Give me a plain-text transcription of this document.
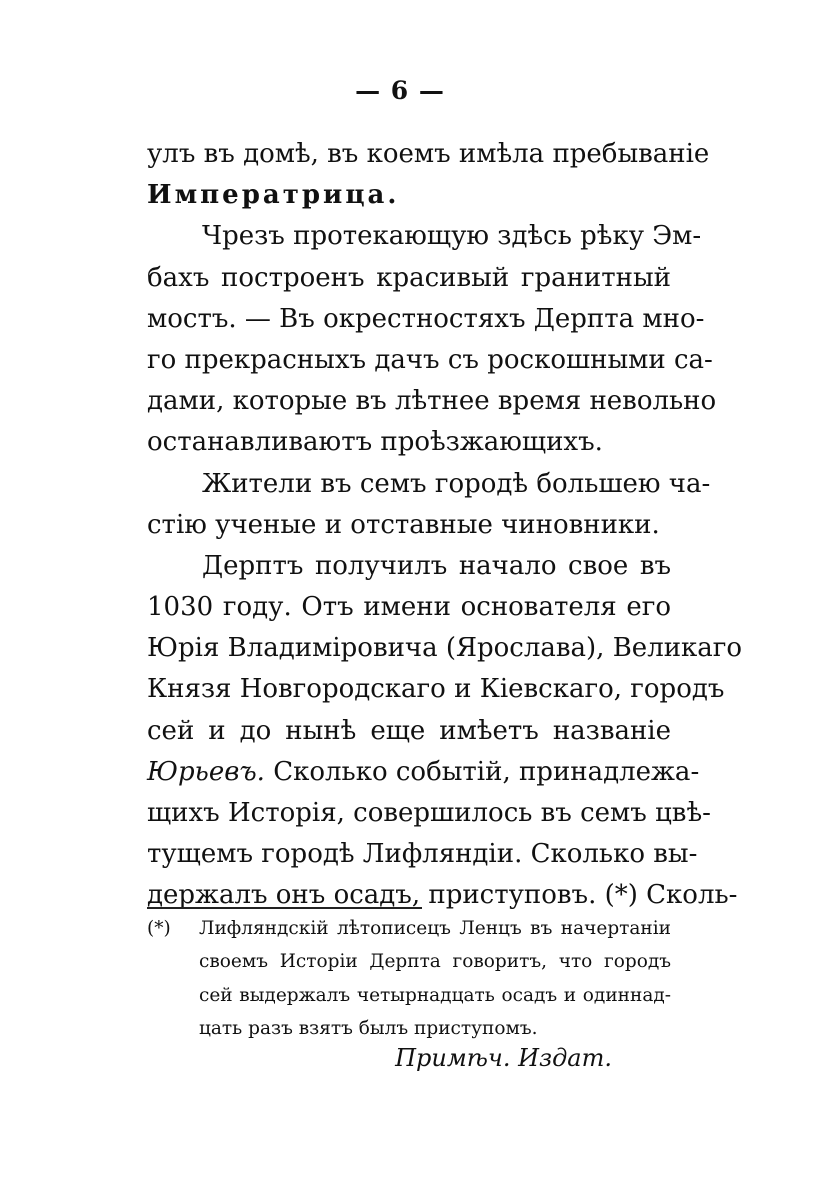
— 6 —
улъ въ домѣ, въ коемъ имѣла пребываніе
Императрица.
Чрезъ протекающую здѣсь рѣку Эм-
бахъ построенъ красивый гранитный
мостъ. — Въ окрестностяхъ Дерпта мно-
го прекрасныхъ дачъ съ роскошными са-
дами, которые въ лѣтнее время невольно
останавливаютъ проѣзжающихъ.
Жители въ семъ городѣ большею ча-
стію ученые и отставные чиновники.
Дерптъ получилъ начало свое въ
1030 году. Отъ имени основателя его
Юрія Владиміровича (Ярослава), Великаго
Князя Новгородскаго и Кіевскаго, городъ
сей и до нынѣ еще имѣетъ названіе
Юрьевъ. Сколько событій, принадлежа-
щихъ Исторія, совершилось въ семъ цвѣ-
тущемъ городѣ Лифляндіи. Сколько вы-
держалъ онъ осадъ, приступовъ. (*) Сколь-
(*)	Лифляндскій лѣтописецъ Ленцъ въ начертаніи
своемъ Исторіи Дерпта говоритъ, что городъ
сей выдержалъ четырнадцать осадъ и одиннад-
цать разъ взятъ былъ приступомъ.
Примѣч. Издат.
